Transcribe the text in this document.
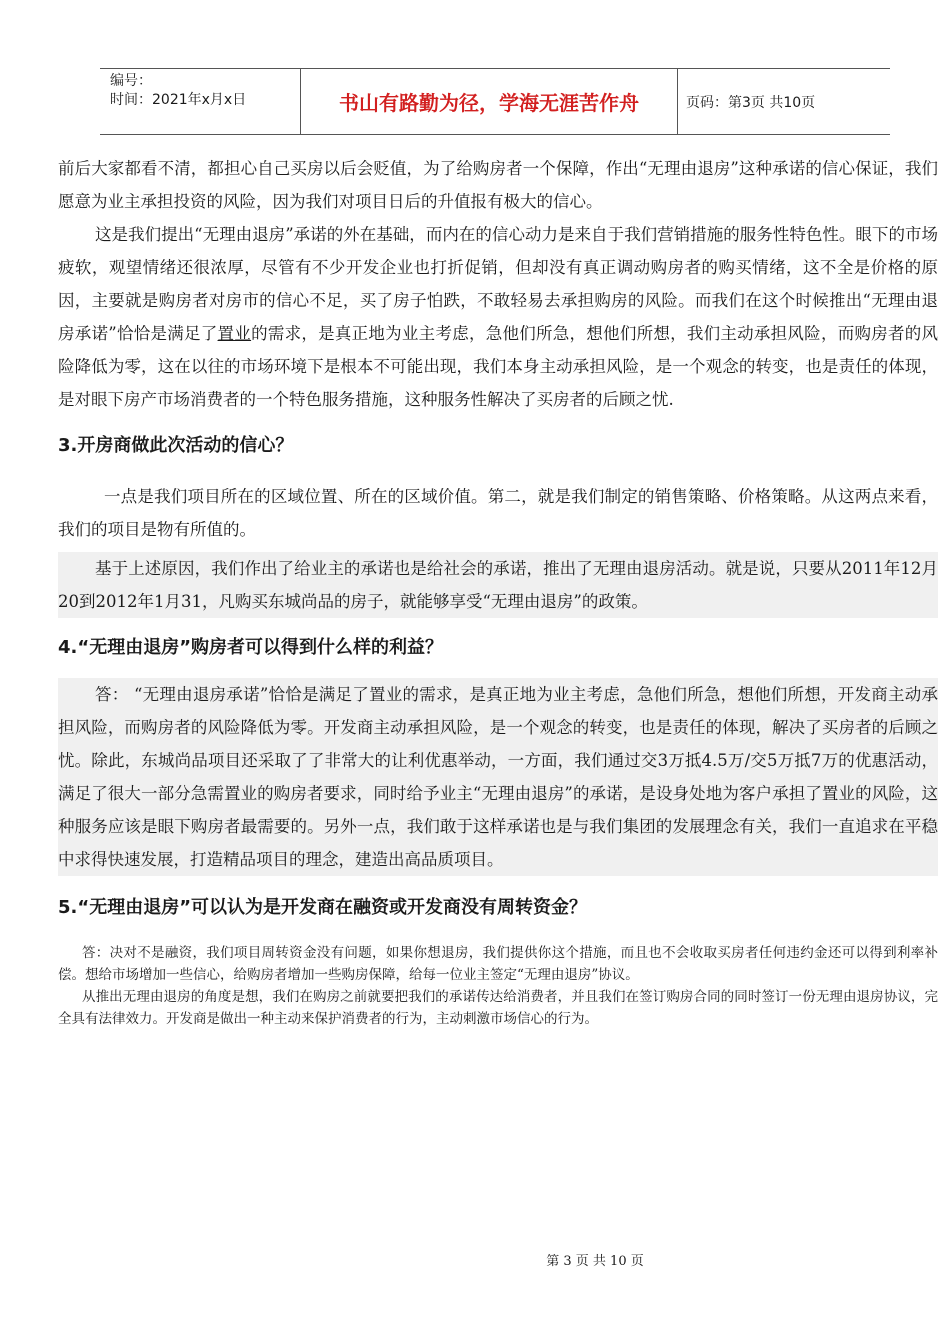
编号：
时间：2021年x月x日	书山有路勤为径，学海无涯苦作舟	页码：第3页 共10页

前后大家都看不清，都担心自己买房以后会贬值，为了给购房者一个保障，作出“无理由退房”这种承诺的信心保证，我们愿意为业主承担投资的风险，因为我们对项目日后的升值报有极大的信心。

这是我们提出“无理由退房”承诺的外在基础，而内在的信心动力是来自于我们营销措施的服务性特色性。眼下的市场疲软，观望情绪还很浓厚，尽管有不少开发企业也打折促销，但却没有真正调动购房者的购买情绪，这不全是价格的原因，主要就是购房者对房市的信心不足，买了房子怕跌，不敢轻易去承担购房的风险。而我们在这个时候推出“无理由退房承诺”恰恰是满足了置业的需求，是真正地为业主考虑，急他们所急，想他们所想，我们主动承担风险，而购房者的风险降低为零，这在以往的市场环境下是根本不可能出现，我们本身主动承担风险，是一个观念的转变，也是责任的体现，是对眼下房产市场消费者的一个特色服务措施，这种服务性解决了买房者的后顾之忧.

3.开房商做此次活动的信心？

一点是我们项目所在的区域位置、所在的区域价值。第二，就是我们制定的销售策略、价格策略。从这两点来看，我们的项目是物有所值的。

基于上述原因，我们作出了给业主的承诺也是给社会的承诺，推出了无理由退房活动。就是说，只要从2011年12月20到2012年1月31，凡购买东城尚品的房子，就能够享受“无理由退房”的政策。

4.“无理由退房”购房者可以得到什么样的利益？

答： “无理由退房承诺”恰恰是满足了置业的需求，是真正地为业主考虑，急他们所急，想他们所想，开发商主动承担风险，而购房者的风险降低为零。开发商主动承担风险，是一个观念的转变，也是责任的体现，解决了买房者的后顾之忧。除此，东城尚品项目还采取了了非常大的让利优惠举动，一方面，我们通过交3万抵4.5万/交5万抵7万的优惠活动，满足了很大一部分急需置业的购房者要求，同时给予业主“无理由退房”的承诺，是设身处地为客户承担了置业的风险，这种服务应该是眼下购房者最需要的。另外一点，我们敢于这样承诺也是与我们集团的发展理念有关，我们一直追求在平稳中求得快速发展，打造精品项目的理念，建造出高品质项目。

5.“无理由退房”可以认为是开发商在融资或开发商没有周转资金？

答：决对不是融资，我们项目周转资金没有问题，如果你想退房，我们提供你这个措施，而且也不会收取买房者任何违约金还可以得到利率补偿。想给市场增加一些信心，给购房者增加一些购房保障，给每一位业主签定“无理由退房”协议。

从推出无理由退房的角度是想，我们在购房之前就要把我们的承诺传达给消费者，并且我们在签订购房合同的同时签订一份无理由退房协议，完全具有法律效力。开发商是做出一种主动来保护消费者的行为，主动刺激市场信心的行为。

第 3 页 共 10 页
